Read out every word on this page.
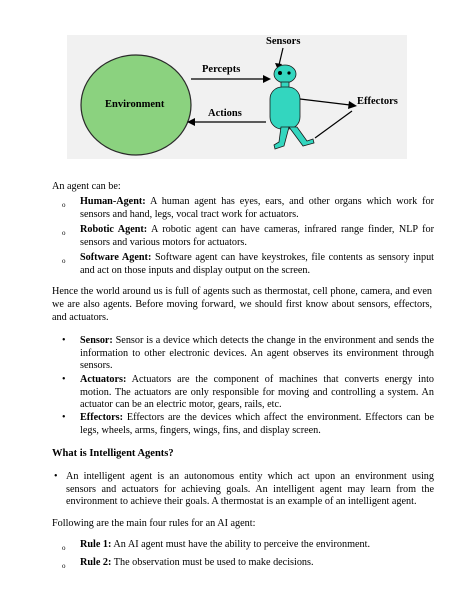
Environment
Percepts
Actions
Sensors
Effectors
An agent can be:
o Human-Agent: A human agent has eyes, ears, and other organs which work for sensors and hand, legs, vocal tract work for actuators.
o Robotic Agent: A robotic agent can have cameras, infrared range finder, NLP for sensors and various motors for actuators.
o Software Agent: Software agent can have keystrokes, file contents as sensory input and act on those inputs and display output on the screen.
Hence the world around us is full of agents such as thermostat, cell phone, camera, and even we are also agents. Before moving forward, we should first know about sensors, effectors, and actuators.
• Sensor: Sensor is a device which detects the change in the environment and sends the information to other electronic devices. An agent observes its environment through sensors.
• Actuators: Actuators are the component of machines that converts energy into motion. The actuators are only responsible for moving and controlling a system. An actuator can be an electric motor, gears, rails, etc.
• Effectors: Effectors are the devices which affect the environment. Effectors can be legs, wheels, arms, fingers, wings, fins, and display screen.
What is Intelligent Agents?
• An intelligent agent is an autonomous entity which act upon an environment using sensors and actuators for achieving goals. An intelligent agent may learn from the environment to achieve their goals. A thermostat is an example of an intelligent agent.
Following are the main four rules for an AI agent:
o Rule 1: An AI agent must have the ability to perceive the environment.
o Rule 2: The observation must be used to make decisions.
